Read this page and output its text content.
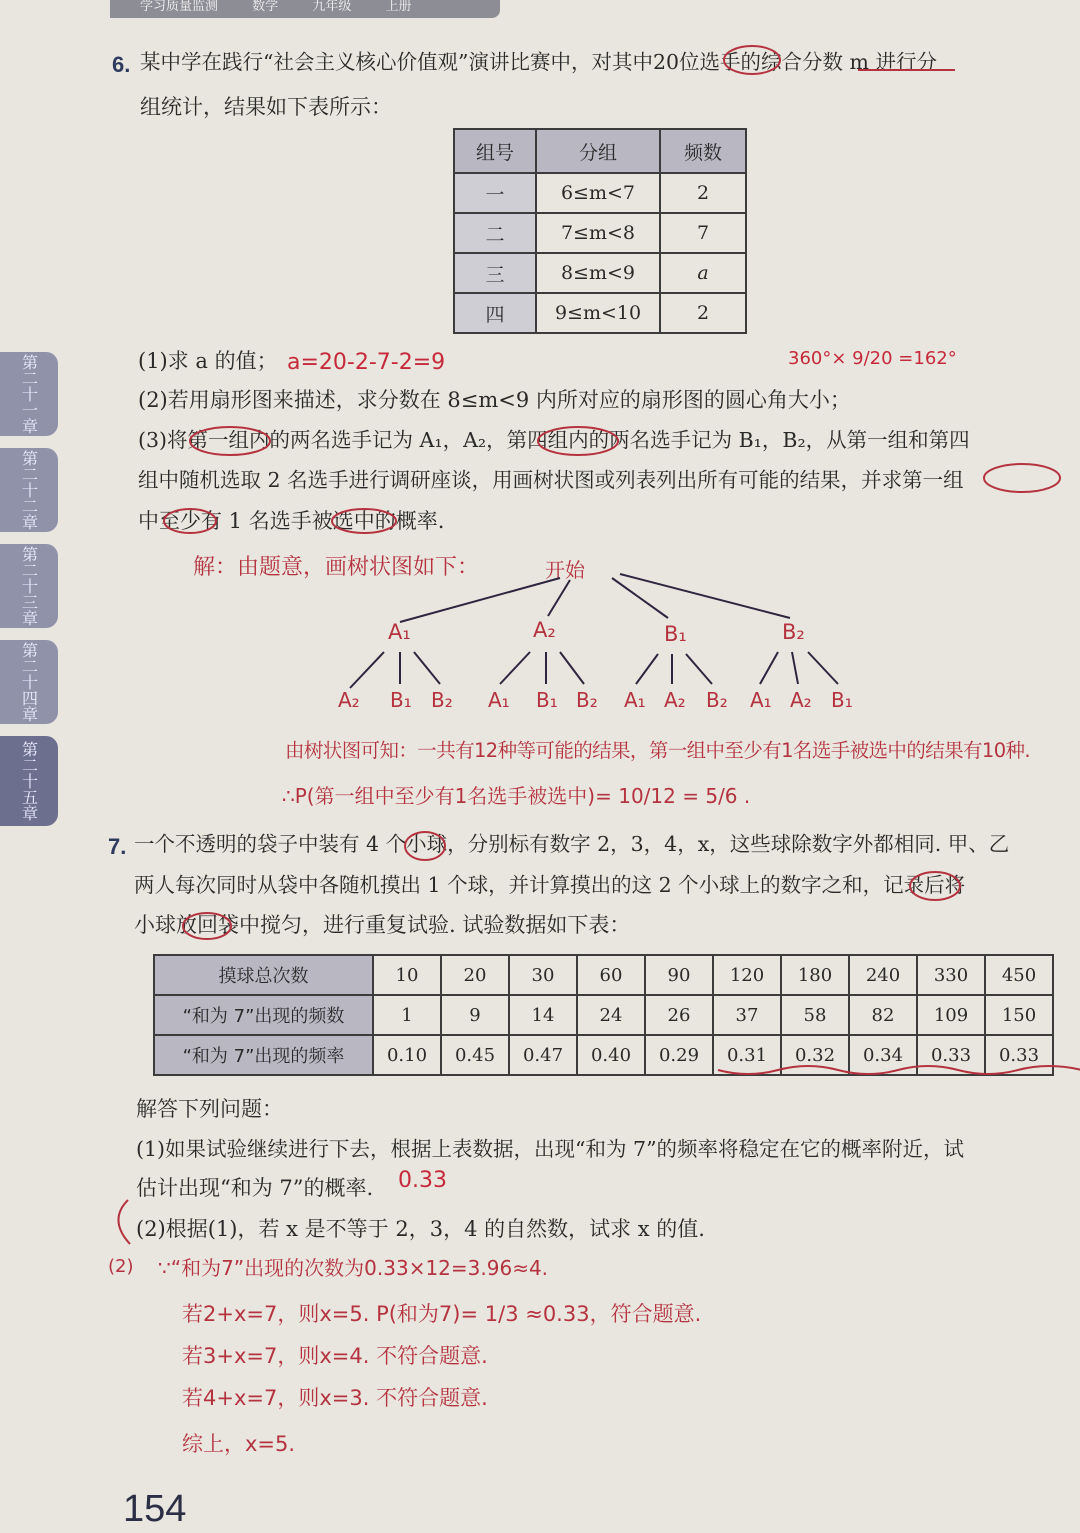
学习质量监测	数学	九年级	上册
第二十一章
第二十二章
第二十三章
第二十四章
第二十五章
6. 某中学在践行“社会主义核心价值观”演讲比赛中，对其中20位选手的综合分数 m 进行分
组统计，结果如下表所示：
组号	分组	频数
一	6≤m<7	2
二	7≤m<8	7
三	8≤m<9	a
四	9≤m<10	2
(1)求 a 的值； a=20-2-7-2=9	360°× 9/20 =162°
(2)若用扇形图来描述，求分数在 8≤m<9 内所对应的扇形图的圆心角大小；
(3)将第一组内的两名选手记为 A₁，A₂，第四组内的两名选手记为 B₁，B₂，从第一组和第四
组中随机选取 2 名选手进行调研座谈，用画树状图或列表列出所有可能的结果，并求第一组
中至少有 1 名选手被选中的概率.
解：由题意，画树状图如下：	开始
A₁	A₂	B₁	B₂
A₂ B₁ B₂ A₁ B₁ B₂ A₁ A₂ B₂ A₁ A₂ B₁
由树状图可知：一共有12种等可能的结果，第一组中至少有1名选手被选中的结果有10种.
∴P(第一组中至少有1名选手被选中)= 10/12 = 5/6 .
7. 一个不透明的袋子中装有 4 个小球，分别标有数字 2，3，4，x，这些球除数字外都相同. 甲、乙
两人每次同时从袋中各随机摸出 1 个球，并计算摸出的这 2 个小球上的数字之和，记录后将
小球放回袋中搅匀，进行重复试验. 试验数据如下表：
摸球总次数	10	20	30	60	90	120	180	240	330	450
“和为 7”出现的频数	1	9	14	24	26	37	58	82	109	150
“和为 7”出现的频率	0.10	0.45	0.47	0.40	0.29	0.31	0.32	0.34	0.33	0.33
解答下列问题：
(1)如果试验继续进行下去，根据上表数据，出现“和为 7”的频率将稳定在它的概率附近，试
估计出现“和为 7”的概率. 0.33
(2)根据(1)，若 x 是不等于 2，3，4 的自然数，试求 x 的值.
(2) ∵“和为7”出现的次数为0.33×12=3.96≈4.
若2+x=7，则x=5. P(和为7)= 1/3 ≈0.33，符合题意.
若3+x=7，则x=4. 不符合题意.
若4+x=7，则x=3. 不符合题意.
综上，x=5.
154
